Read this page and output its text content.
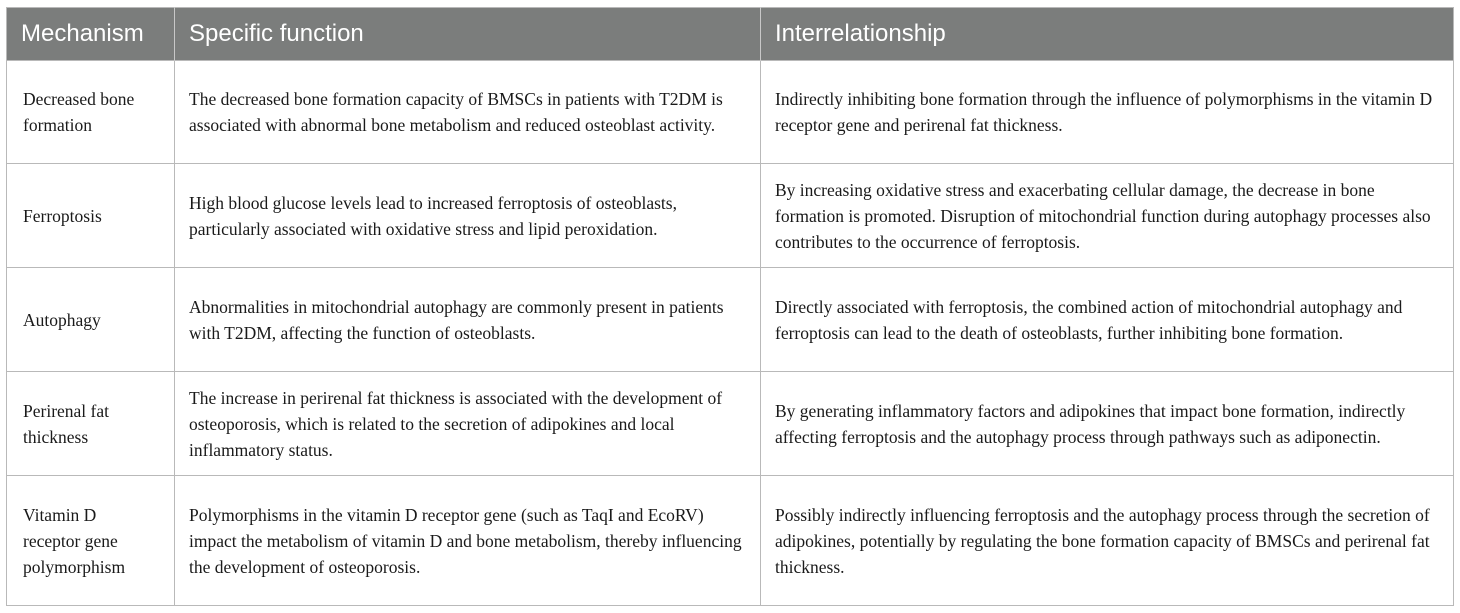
Mechanism	Specific function	Interrelationship

Decreased bone formation	The decreased bone formation capacity of BMSCs in patients with T2DM is associated with abnormal bone metabolism and reduced osteoblast activity.	Indirectly inhibiting bone formation through the influence of polymorphisms in the vitamin D receptor gene and perirenal fat thickness.

Ferroptosis	High blood glucose levels lead to increased ferroptosis of osteoblasts, particularly associated with oxidative stress and lipid peroxidation.	By increasing oxidative stress and exacerbating cellular damage, the decrease in bone formation is promoted. Disruption of mitochondrial function during autophagy processes also contributes to the occurrence of ferroptosis.

Autophagy	Abnormalities in mitochondrial autophagy are commonly present in patients with T2DM, affecting the function of osteoblasts.	Directly associated with ferroptosis, the combined action of mitochondrial autophagy and ferroptosis can lead to the death of osteoblasts, further inhibiting bone formation.

Perirenal fat thickness	The increase in perirenal fat thickness is associated with the development of osteoporosis, which is related to the secretion of adipokines and local inflammatory status.	By generating inflammatory factors and adipokines that impact bone formation, indirectly affecting ferroptosis and the autophagy process through pathways such as adiponectin.

Vitamin D receptor gene polymorphism	Polymorphisms in the vitamin D receptor gene (such as TaqI and EcoRV) impact the metabolism of vitamin D and bone metabolism, thereby influencing the development of osteoporosis.	Possibly indirectly influencing ferroptosis and the autophagy process through the secretion of adipokines, potentially by regulating the bone formation capacity of BMSCs and perirenal fat thickness.
